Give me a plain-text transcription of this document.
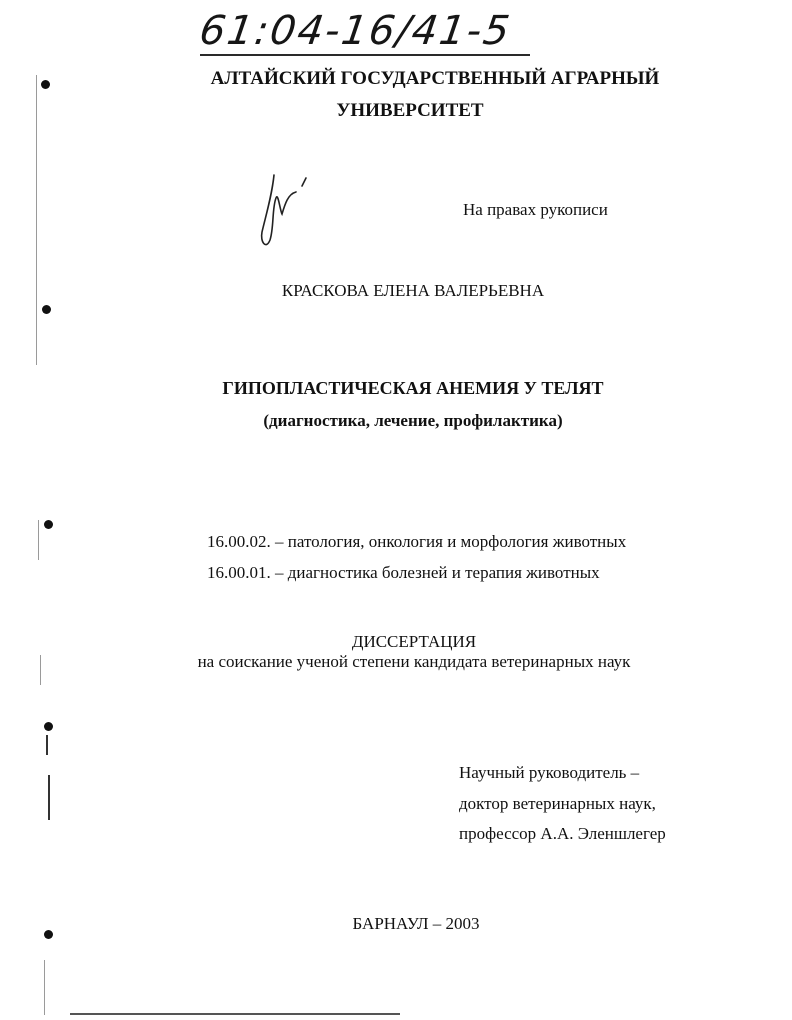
61:04-16/41-5
АЛТАЙСКИЙ ГОСУДАРСТВЕННЫЙ АГРАРНЫЙ
УНИВЕРСИТЕТ
На правах рукописи
КРАСКОВА ЕЛЕНА ВАЛЕРЬЕВНА
ГИПОПЛАСТИЧЕСКАЯ АНЕМИЯ У ТЕЛЯТ
(диагностика, лечение, профилактика)
16.00.02. – патология, онкология и морфология животных
16.00.01. – диагностика болезней и терапия животных
ДИССЕРТАЦИЯ
на соискание ученой степени кандидата ветеринарных наук
Научный руководитель –
доктор ветеринарных наук,
профессор А.А. Эленшлегер
БАРНАУЛ – 2003
